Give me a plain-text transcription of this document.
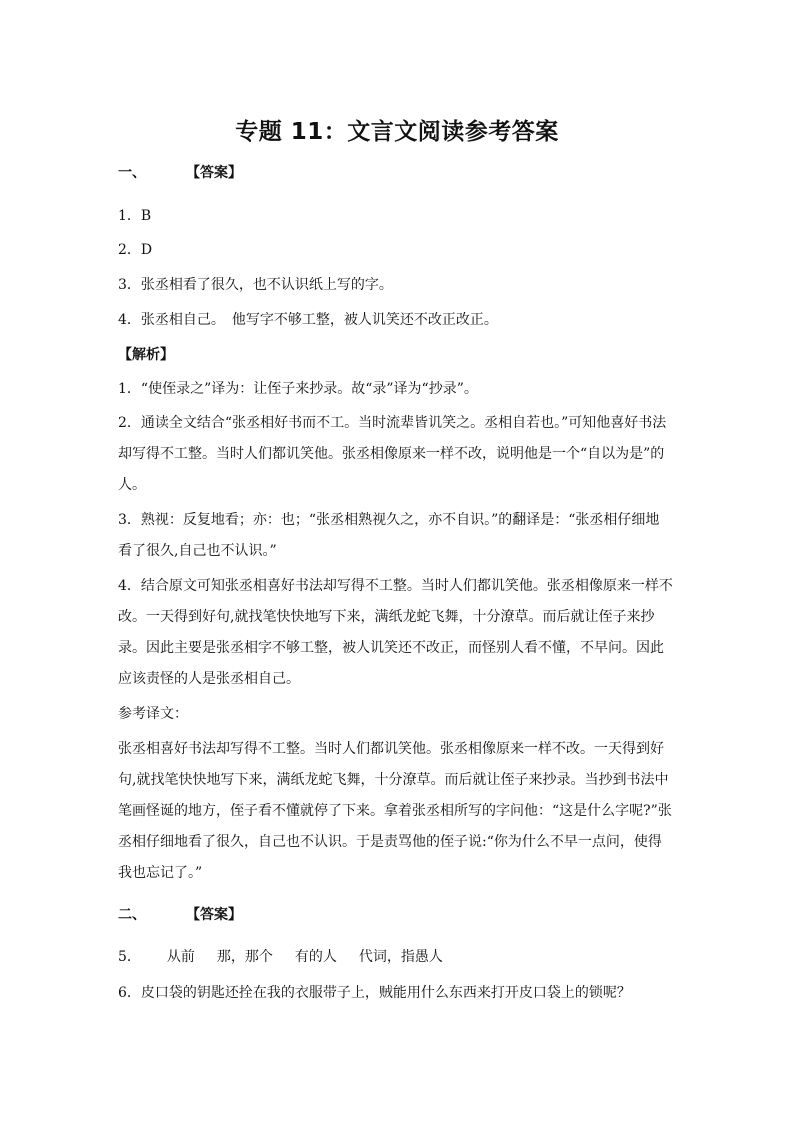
专题 11：文言文阅读参考答案
一、	【答案】
1．B
2．D
3．张丞相看了很久，也不认识纸上写的字。
4．张丞相自己。　他写字不够工整，被人讥笑还不改正改正。
【解析】
1．“使侄录之”译为：让侄子来抄录。故“录”译为“抄录”。
2．通读全文结合“张丞相好书而不工。当时流辈皆讥笑之。丞相自若也。”可知他喜好书法
却写得不工整。当时人们都讥笑他。张丞相像原来一样不改，说明他是一个“自以为是”的
人。
3．熟视：反复地看；亦：也；“张丞相熟视久之，亦不自识。”的翻译是：“张丞相仔细地
看了很久,自己也不认识。”
4．结合原文可知张丞相喜好书法却写得不工整。当时人们都讥笑他。张丞相像原来一样不
改。一天得到好句,就找笔快快地写下来，满纸龙蛇飞舞，十分潦草。而后就让侄子来抄
录。因此主要是张丞相字不够工整，被人讥笑还不改正，而怪别人看不懂，不早问。因此
应该责怪的人是张丞相自己。
参考译文：
张丞相喜好书法却写得不工整。当时人们都讥笑他。张丞相像原来一样不改。一天得到好
句,就找笔快快地写下来，满纸龙蛇飞舞，十分潦草。而后就让侄子来抄录。当抄到书法中
笔画怪诞的地方，侄子看不懂就停了下来。拿着张丞相所写的字问他：“这是什么字呢?”张
丞相仔细地看了很久，自己也不认识。于是责骂他的侄子说:“你为什么不早一点问，使得
我也忘记了。”
二、	【答案】
5． 从前 那，那个 有的人 代词，指愚人
6．皮口袋的钥匙还拴在我的衣服带子上，贼能用什么东西来打开皮口袋上的锁呢？
